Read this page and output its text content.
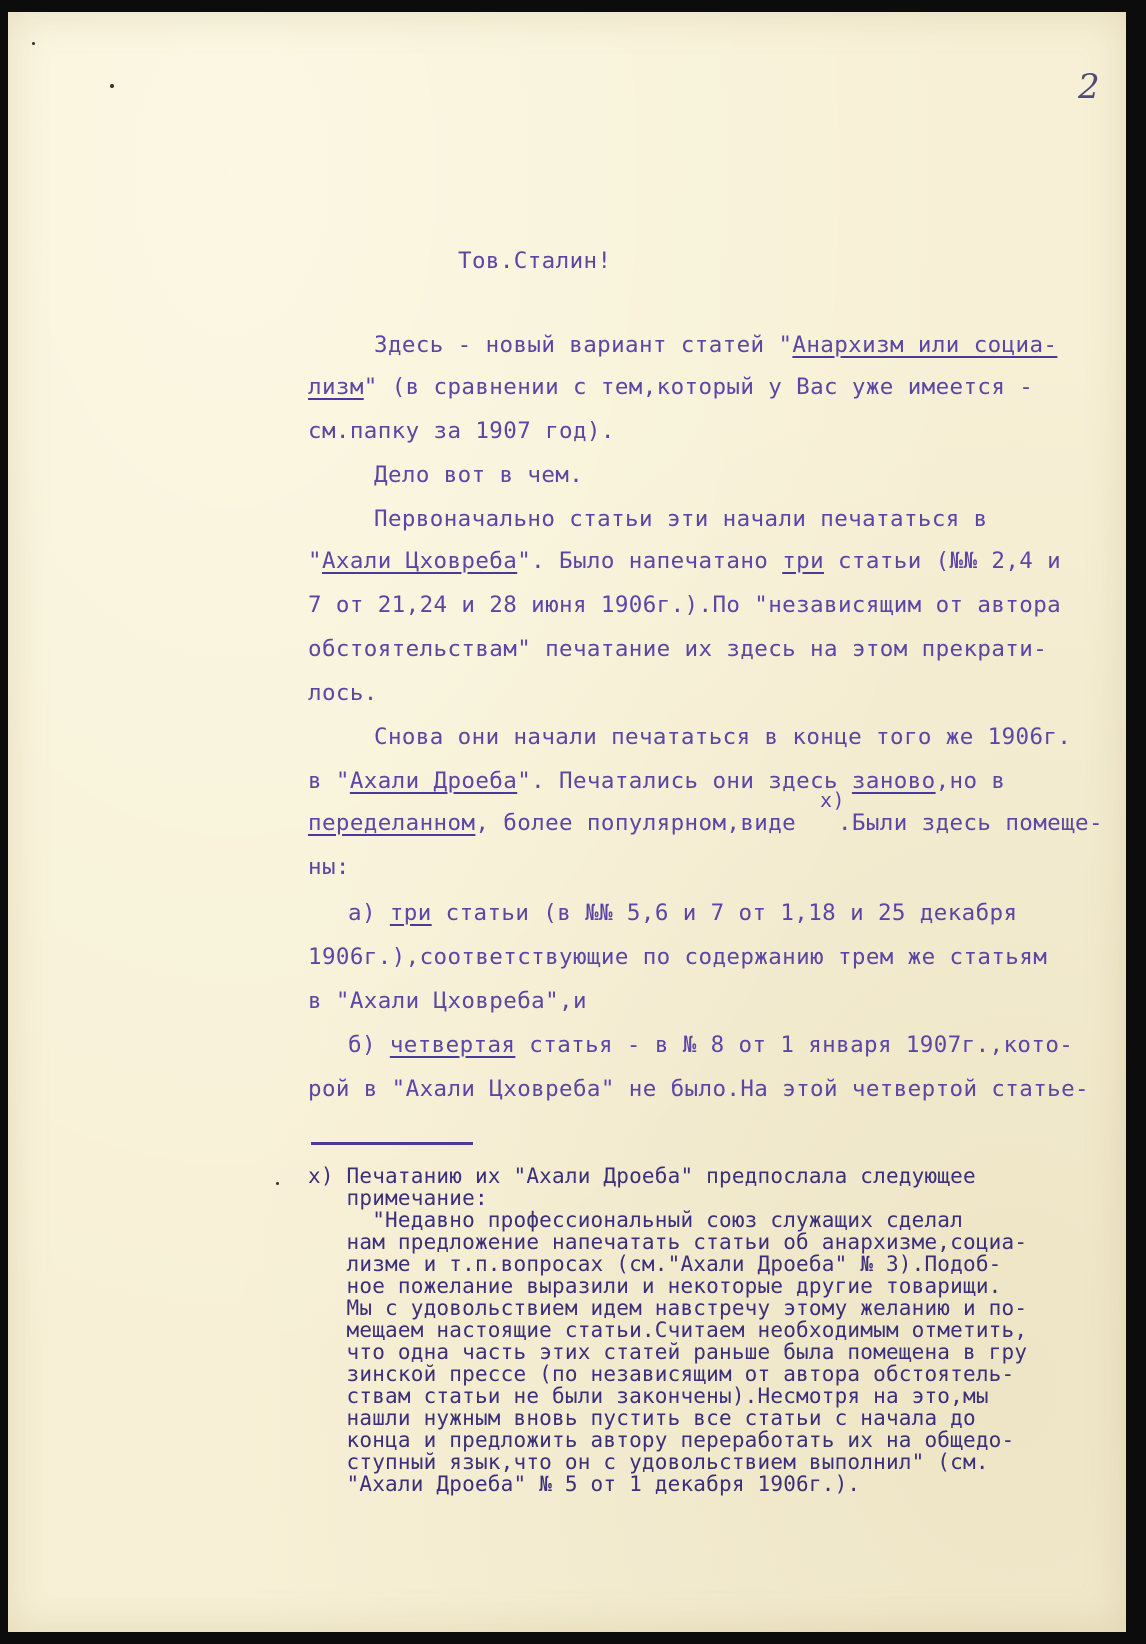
2
Тов.Сталин!
Здесь - новый вариант статей "Анархизм или социа-
лизм" (в сравнении с тем,который у Вас уже имеется -
см.папку за 1907 год).
Дело вот в чем.
Первоначально статьи эти начали печататься в
"Ахали Цховреба". Было напечатано три статьи (№№ 2,4 и
7 от 21,24 и 28 июня 1906г.).По "независящим от автора
обстоятельствам" печатание их здесь на этом прекрати-
лось.
Снова они начали печататься в конце того же 1906г.
в "Ахали Дроеба". Печатались они здесь заново,но в
х)
переделанном, более популярном,виде   .Были здесь помеще-
ны:
а) три статьи (в №№ 5,6 и 7 от 1,18 и 25 декабря
1906г.),соответствующие по содержанию трем же статьям
в "Ахали Цховреба",и
б) четвертая статья - в № 8 от 1 января 1907г.,кото-
рой в "Ахали Цховреба" не было.На этой четвертой статье-
х) Печатанию их "Ахали Дроеба" предпослала следующее
примечание:
"Недавно профессиональный союз служащих сделал
нам предложение напечатать статьи об анархизме,социа-
лизме и т.п.вопросах (см."Ахали Дроеба" № 3).Подоб-
ное пожелание выразили и некоторые другие товарищи.
Мы с удовольствием идем навстречу этому желанию и по-
мещаем настоящие статьи.Считаем необходимым отметить,
что одна часть этих статей раньше была помещена в гру
зинской прессе (по независящим от автора обстоятель-
ствам статьи не были закончены).Несмотря на это,мы
нашли нужным вновь пустить все статьи с начала до
конца и предложить автору переработать их на общедо-
ступный язык,что он с удовольствием выполнил" (см.
"Ахали Дроеба" № 5 от 1 декабря 1906г.).
